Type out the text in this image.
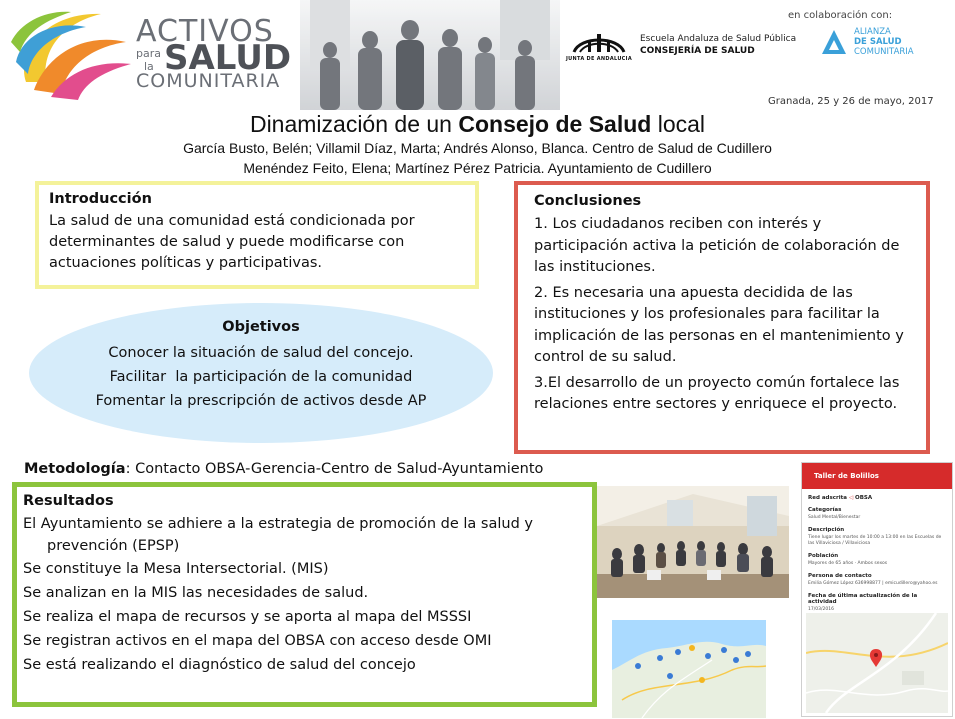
ACTIVOS
para
la SALUD
COMUNITARIA
JUNTA DE ANDALUCIA
Escuela Andaluza de Salud Pública
CONSEJERÍA DE SALUD
en colaboración con:
ALIANZA
DE SALUD
COMUNITARIA
Granada, 25 y 26 de mayo, 2017
Dinamización de un Consejo de Salud local
García Busto, Belén; Villamil Díaz, Marta; Andrés Alonso, Blanca. Centro de Salud de Cudillero
Menéndez Feito, Elena; Martínez Pérez Patricia. Ayuntamiento de Cudillero
Introducción
La salud de una comunidad está condicionada por determinantes de salud y puede modificarse con actuaciones políticas y participativas.
Objetivos
Conocer la situación de salud del concejo.
Facilitar  la participación de la comunidad
Fomentar la prescripción de activos desde AP
Conclusiones

1. Los ciudadanos reciben con interés y participación activa la petición de colaboración de las instituciones.

2. Es necesaria una apuesta decidida de las instituciones y los profesionales para facilitar la implicación de las personas en el mantenimiento y control de su salud.

3.El desarrollo de un proyecto común fortalece las relaciones entre sectores y enriquece el proyecto.

Metodología: Contacto OBSA-Gerencia-Centro de Salud-Ayuntamiento
Resultados
El Ayuntamiento se adhiere a la estrategia de promoción de la salud y
prevención (EPSP)
Se constituye la Mesa Intersectorial. (MIS)
Se analizan en la MIS las necesidades de salud.
Se realiza el mapa de recursos y se aporta al mapa del MSSSI
Se registran activos en el mapa del OBSA con acceso desde OMI
Se está realizando el diagnóstico de salud del concejo
Taller de Bolillos
Red adscrita ◁ OBSA
Categorías
Salud Mental/Bienestar
Descripción
Tiene lugar los martes de 10:00 a 13:00 en las Escuelas de las Villaviciosa / Villaviciosa
Población
Mayores de 65 años · Ambos sexos
Persona de contacto
Emilia Gómez López 636998877 | emicudillero@yahoo.es
Fecha de última actualización de la actividad
17/03/2016
